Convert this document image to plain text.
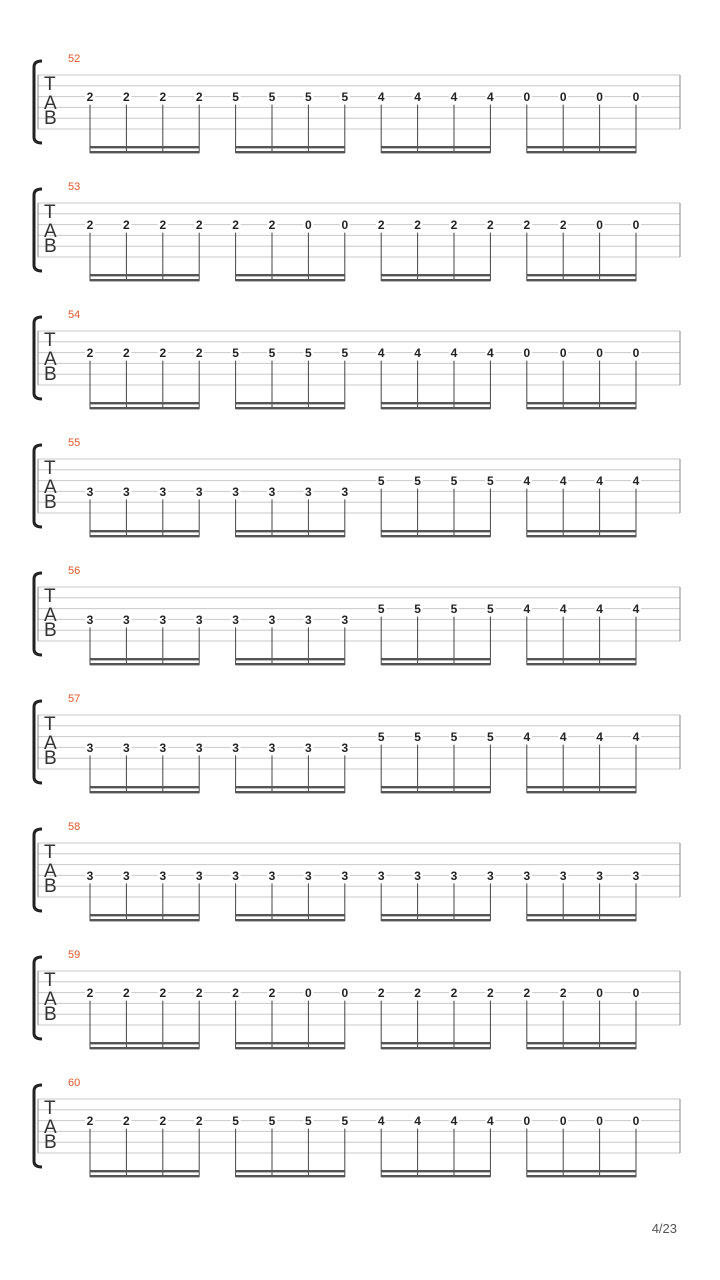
52
T
A
B
2 2 2 2 5 5 5 5 4 4 4 4 0 0 0 0
53
T
A
B
2 2 2 2 2 2 0 0 2 2 2 2 2 2 0 0
54
T
A
B
2 2 2 2 5 5 5 5 4 4 4 4 0 0 0 0
55
T
A
B
3 3 3 3 3 3 3 3
5 5 5 5 4 4 4 4
56
T
A
B
3 3 3 3 3 3 3 3
5 5 5 5 4 4 4 4
57
T
A
B
3 3 3 3 3 3 3 3
5 5 5 5 4 4 4 4
58
T
A
B
3 3 3 3 3 3 3 3 3 3 3 3 3 3 3 3
59
T
A
B
2 2 2 2 2 2 0 0 2 2 2 2 2 2 0 0
60
T
A
B
2 2 2 2 5 5 5 5 4 4 4 4 0 0 0 0
4/23
